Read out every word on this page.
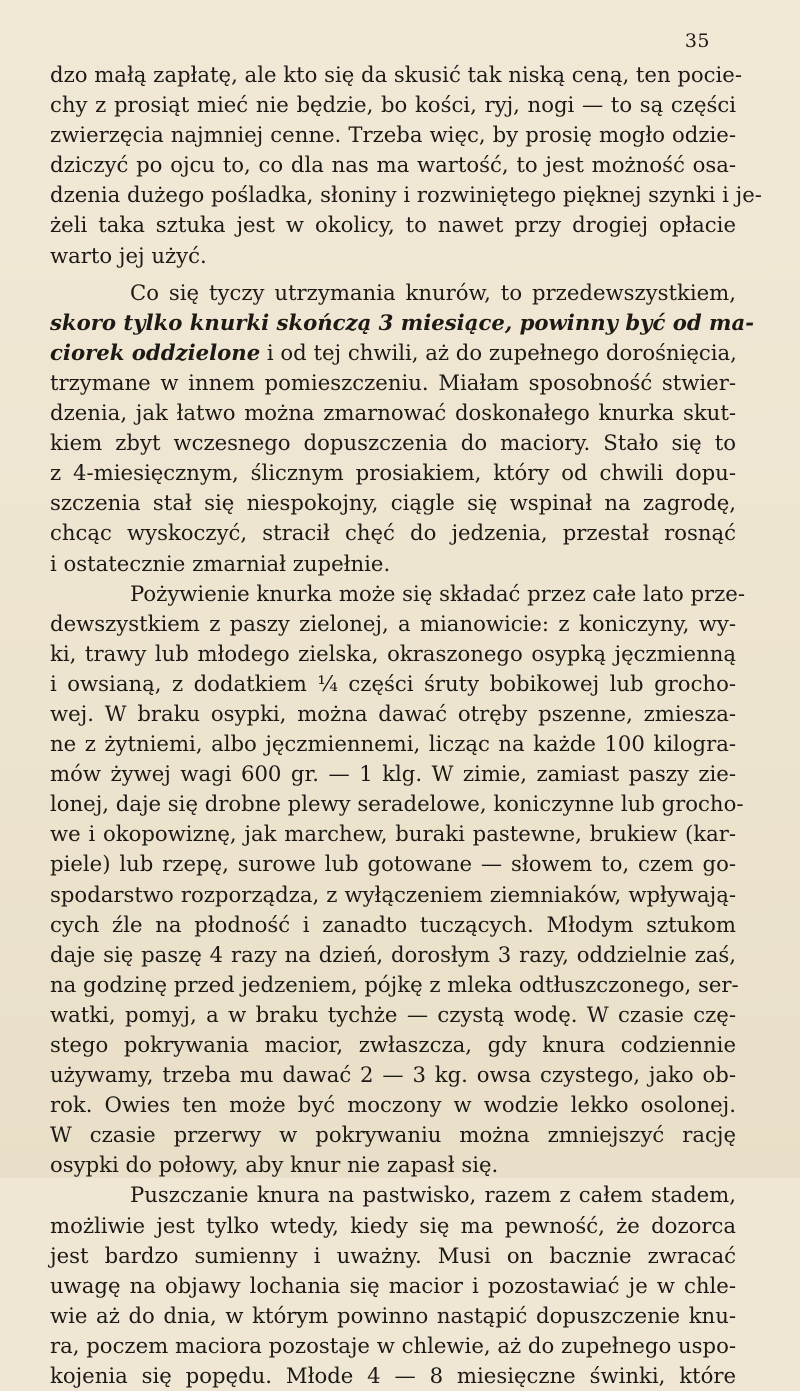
35
dzo małą zapłatę, ale kto się da skusić tak niską ceną, ten pocie-
chy z prosiąt mieć nie będzie, bo kości, ryj, nogi — to są części
zwierzęcia najmniej cenne. Trzeba więc, by prosię mogło odzie-
dziczyć po ojcu to, co dla nas ma wartość, to jest możność osa-
dzenia dużego pośladka, słoniny i rozwiniętego pięknej szynki i je-
żeli taka sztuka jest w okolicy, to nawet przy drogiej opłacie
warto jej użyć.
Co się tyczy utrzymania knurów, to przedewszystkiem,
skoro tylko knurki skończą 3 miesiące, powinny być od ma-
ciorek oddzielone i od tej chwili, aż do zupełnego dorośnięcia,
trzymane w innem pomieszczeniu. Miałam sposobność stwier-
dzenia, jak łatwo można zmarnować doskonałego knurka skut-
kiem zbyt wczesnego dopuszczenia do maciory. Stało się to
z 4-miesięcznym, ślicznym prosiakiem, który od chwili dopu-
szczenia stał się niespokojny, ciągle się wspinał na zagrodę,
chcąc wyskoczyć, stracił chęć do jedzenia, przestał rosnąć
i ostatecznie zmarniał zupełnie.
Pożywienie knurka może się składać przez całe lato prze-
dewszystkiem z paszy zielonej, a mianowicie: z koniczyny, wy-
ki, trawy lub młodego zielska, okraszonego osypką jęczmienną
i owsianą, z dodatkiem ¼ części śruty bobikowej lub grocho-
wej. W braku osypki, można dawać otręby pszenne, zmiesza-
ne z żytniemi, albo jęczmiennemi, licząc na każde 100 kilogra-
mów żywej wagi 600 gr. — 1 klg. W zimie, zamiast paszy zie-
lonej, daje się drobne plewy seradelowe, koniczynne lub grocho-
we i okopowiznę, jak marchew, buraki pastewne, brukiew (kar-
piele) lub rzepę, surowe lub gotowane — słowem to, czem go-
spodarstwo rozporządza, z wyłączeniem ziemniaków, wpływają-
cych źle na płodność i zanadto tuczących. Młodym sztukom
daje się paszę 4 razy na dzień, dorosłym 3 razy, oddzielnie zaś,
na godzinę przed jedzeniem, pójkę z mleka odtłuszczonego, ser-
watki, pomyj, a w braku tychże — czystą wodę. W czasie czę-
stego pokrywania macior, zwłaszcza, gdy knura codziennie
używamy, trzeba mu dawać 2 — 3 kg. owsa czystego, jako ob-
rok. Owies ten może być moczony w wodzie lekko osolonej.
W czasie przerwy w pokrywaniu można zmniejszyć rację
osypki do połowy, aby knur nie zapasł się.
Puszczanie knura na pastwisko, razem z całem stadem,
możliwie jest tylko wtedy, kiedy się ma pewność, że dozorca
jest bardzo sumienny i uważny. Musi on bacznie zwracać
uwagę na objawy lochania się macior i pozostawiać je w chle-
wie aż do dnia, w którym powinno nastąpić dopuszczenie knu-
ra, poczem maciora pozostaje w chlewie, aż do zupełnego uspo-
kojenia się popędu. Młode 4 — 8 miesięczne świnki, które
